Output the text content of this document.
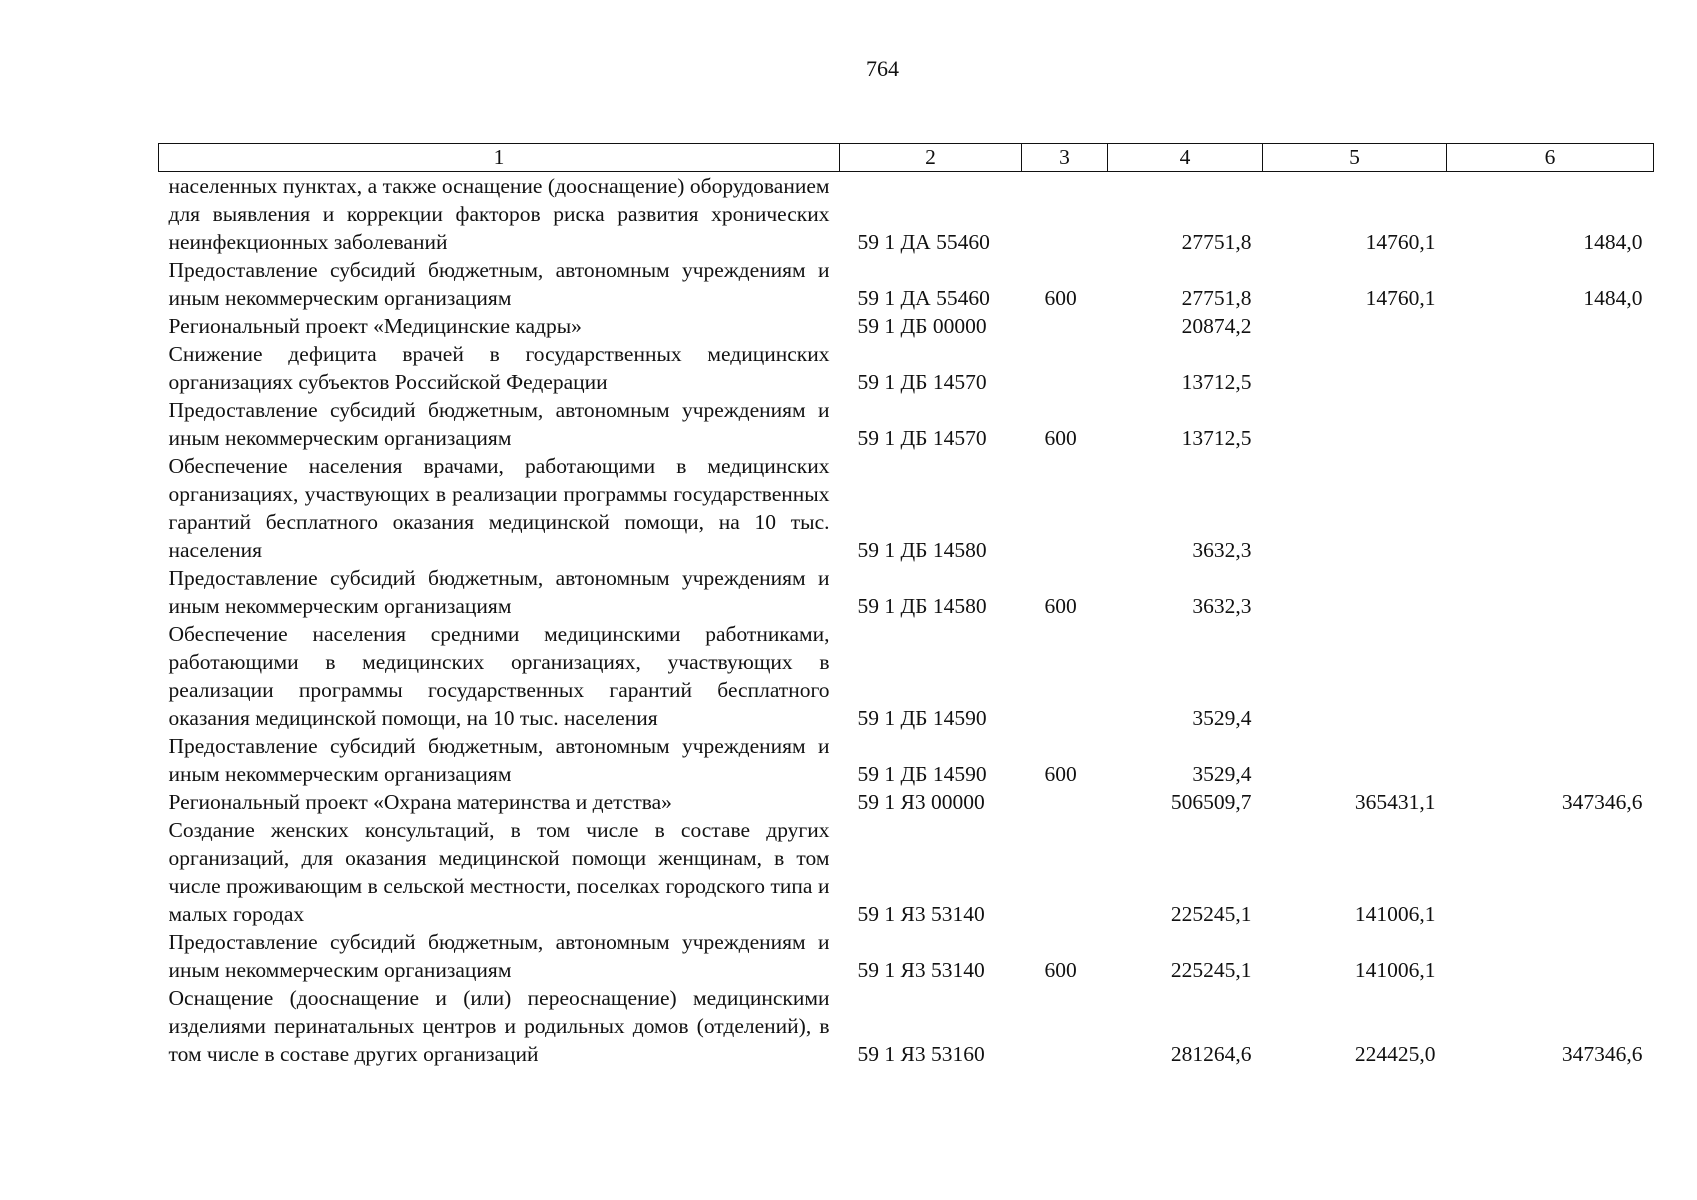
764
1	2	3	4	5	6
населенных пунктах, а также оснащение (дооснащение) оборудованием для выявления и коррекции факторов риска развития хронических неинфекционных заболеваний	59 1 ДА 55460		27751,8	14760,1	1484,0
Предоставление субсидий бюджетным, автономным учреждениям и иным некоммерческим организациям	59 1 ДА 55460	600	27751,8	14760,1	1484,0
Региональный проект «Медицинские кадры»	59 1 ДБ 00000		20874,2		
Снижение дефицита врачей в государственных медицинских организациях субъектов Российской Федерации	59 1 ДБ 14570		13712,5		
Предоставление субсидий бюджетным, автономным учреждениям и иным некоммерческим организациям	59 1 ДБ 14570	600	13712,5		
Обеспечение населения врачами, работающими в медицинских организациях, участвующих в реализации программы государственных гарантий бесплатного оказания медицинской помощи, на 10 тыс. населения	59 1 ДБ 14580		3632,3		
Предоставление субсидий бюджетным, автономным учреждениям и иным некоммерческим организациям	59 1 ДБ 14580	600	3632,3		
Обеспечение населения средними медицинскими работниками, работающими в медицинских организациях, участвующих в реализации программы государственных гарантий бесплатного оказания медицинской помощи, на 10 тыс. населения	59 1 ДБ 14590		3529,4		
Предоставление субсидий бюджетным, автономным учреждениям и иным некоммерческим организациям	59 1 ДБ 14590	600	3529,4		
Региональный проект «Охрана материнства и детства»	59 1 Я3 00000		506509,7	365431,1	347346,6
Создание женских консультаций, в том числе в составе других организаций, для оказания медицинской помощи женщинам, в том числе проживающим в сельской местности, поселках городского типа и малых городах	59 1 Я3 53140		225245,1	141006,1	
Предоставление субсидий бюджетным, автономным учреждениям и иным некоммерческим организациям	59 1 Я3 53140	600	225245,1	141006,1	
Оснащение (дооснащение и (или) переоснащение) медицинскими изделиями перинатальных центров и родильных домов (отделений), в том числе в составе других организаций	59 1 Я3 53160		281264,6	224425,0	347346,6
